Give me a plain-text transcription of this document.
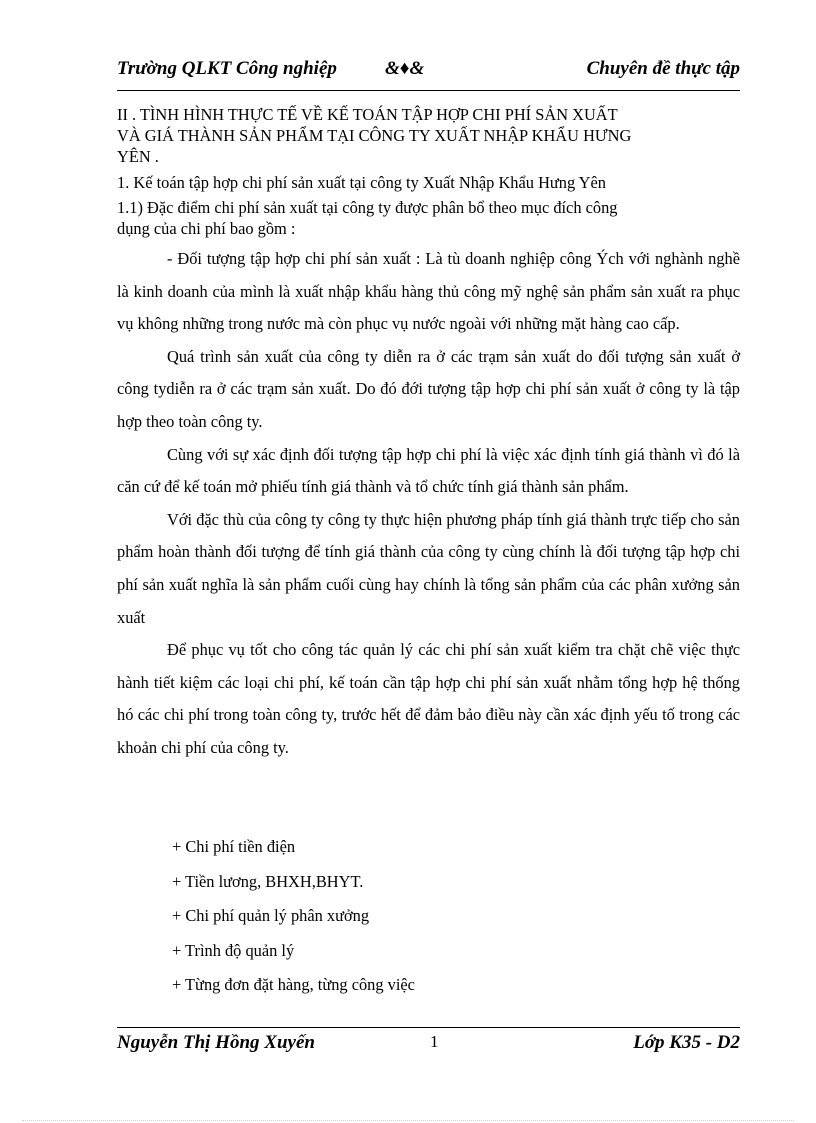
Trường QLKT Công nghiệp	&♦&	Chuyên đề thực tập
II . TÌNH HÌNH THỰC TẾ VỀ KẾ TOÁN TẬP HỢP CHI PHÍ SẢN XUẤT
VÀ GIÁ THÀNH SẢN PHẨM TẠI CÔNG TY XUẤT NHẬP KHẨU HƯNG
YÊN .
1. Kế toán tập hợp chi phí sản xuất tại công ty Xuất Nhập Khẩu Hưng Yên
1.1) Đặc điểm chi phí sản xuất tại công ty được phân bổ theo mục đích công
dụng của chi phí bao gồm :

- Đối tượng tập hợp chi phí sản xuất : Là tù doanh nghiệp công Ých với nghành nghề là kinh doanh của mình là xuất nhập khẩu hàng thủ công mỹ nghệ sản phẩm sản xuất ra phục vụ không những trong nước mà còn phục vụ nước ngoài với những mặt hàng cao cấp.

Quá trình sản xuất của công ty diễn ra ở các trạm sản xuất do đối tượng sản xuất ở công tydiễn ra ở các trạm sản xuất. Do đó đới tượng tập hợp chi phí sản xuất ở công ty là tập hợp theo toàn công ty.

Cùng với sự xác định đối tượng tập hợp chi phí là việc xác định tính giá thành vì đó là căn cứ để kế toán mở phiếu tính giá thành và tổ chức tính giá thành sản phẩm.

Với đặc thù của công ty công ty thực hiện phương pháp tính giá thành trực tiếp cho sản phẩm hoàn thành đối tượng để tính giá thành của công ty cùng chính là đối tượng tập hợp chi phí sản xuất nghĩa là sản phẩm cuối cùng hay chính là tổng sản phẩm của các phân xưởng sản xuất

Để phục vụ tốt cho công tác quản lý các chi phí sản xuất kiểm tra chặt chẽ việc thực hành tiết kiệm các loại chi phí, kế toán cần tập hợp chi phí sản xuất nhằm tổng hợp hệ thống hó các chi phí trong toàn công ty, trước hết để đảm bảo điều này cần xác định yếu tố trong các khoản chi phí của công ty.

+ Chi phí tiền điện
+ Tiền lương, BHXH,BHYT.
+ Chi phí quản lý phân xưởng
+ Trình độ quản lý
+ Từng đơn đặt hàng, từng công việc
Nguyễn Thị Hồng Xuyến	1	Lớp K35 - D2
